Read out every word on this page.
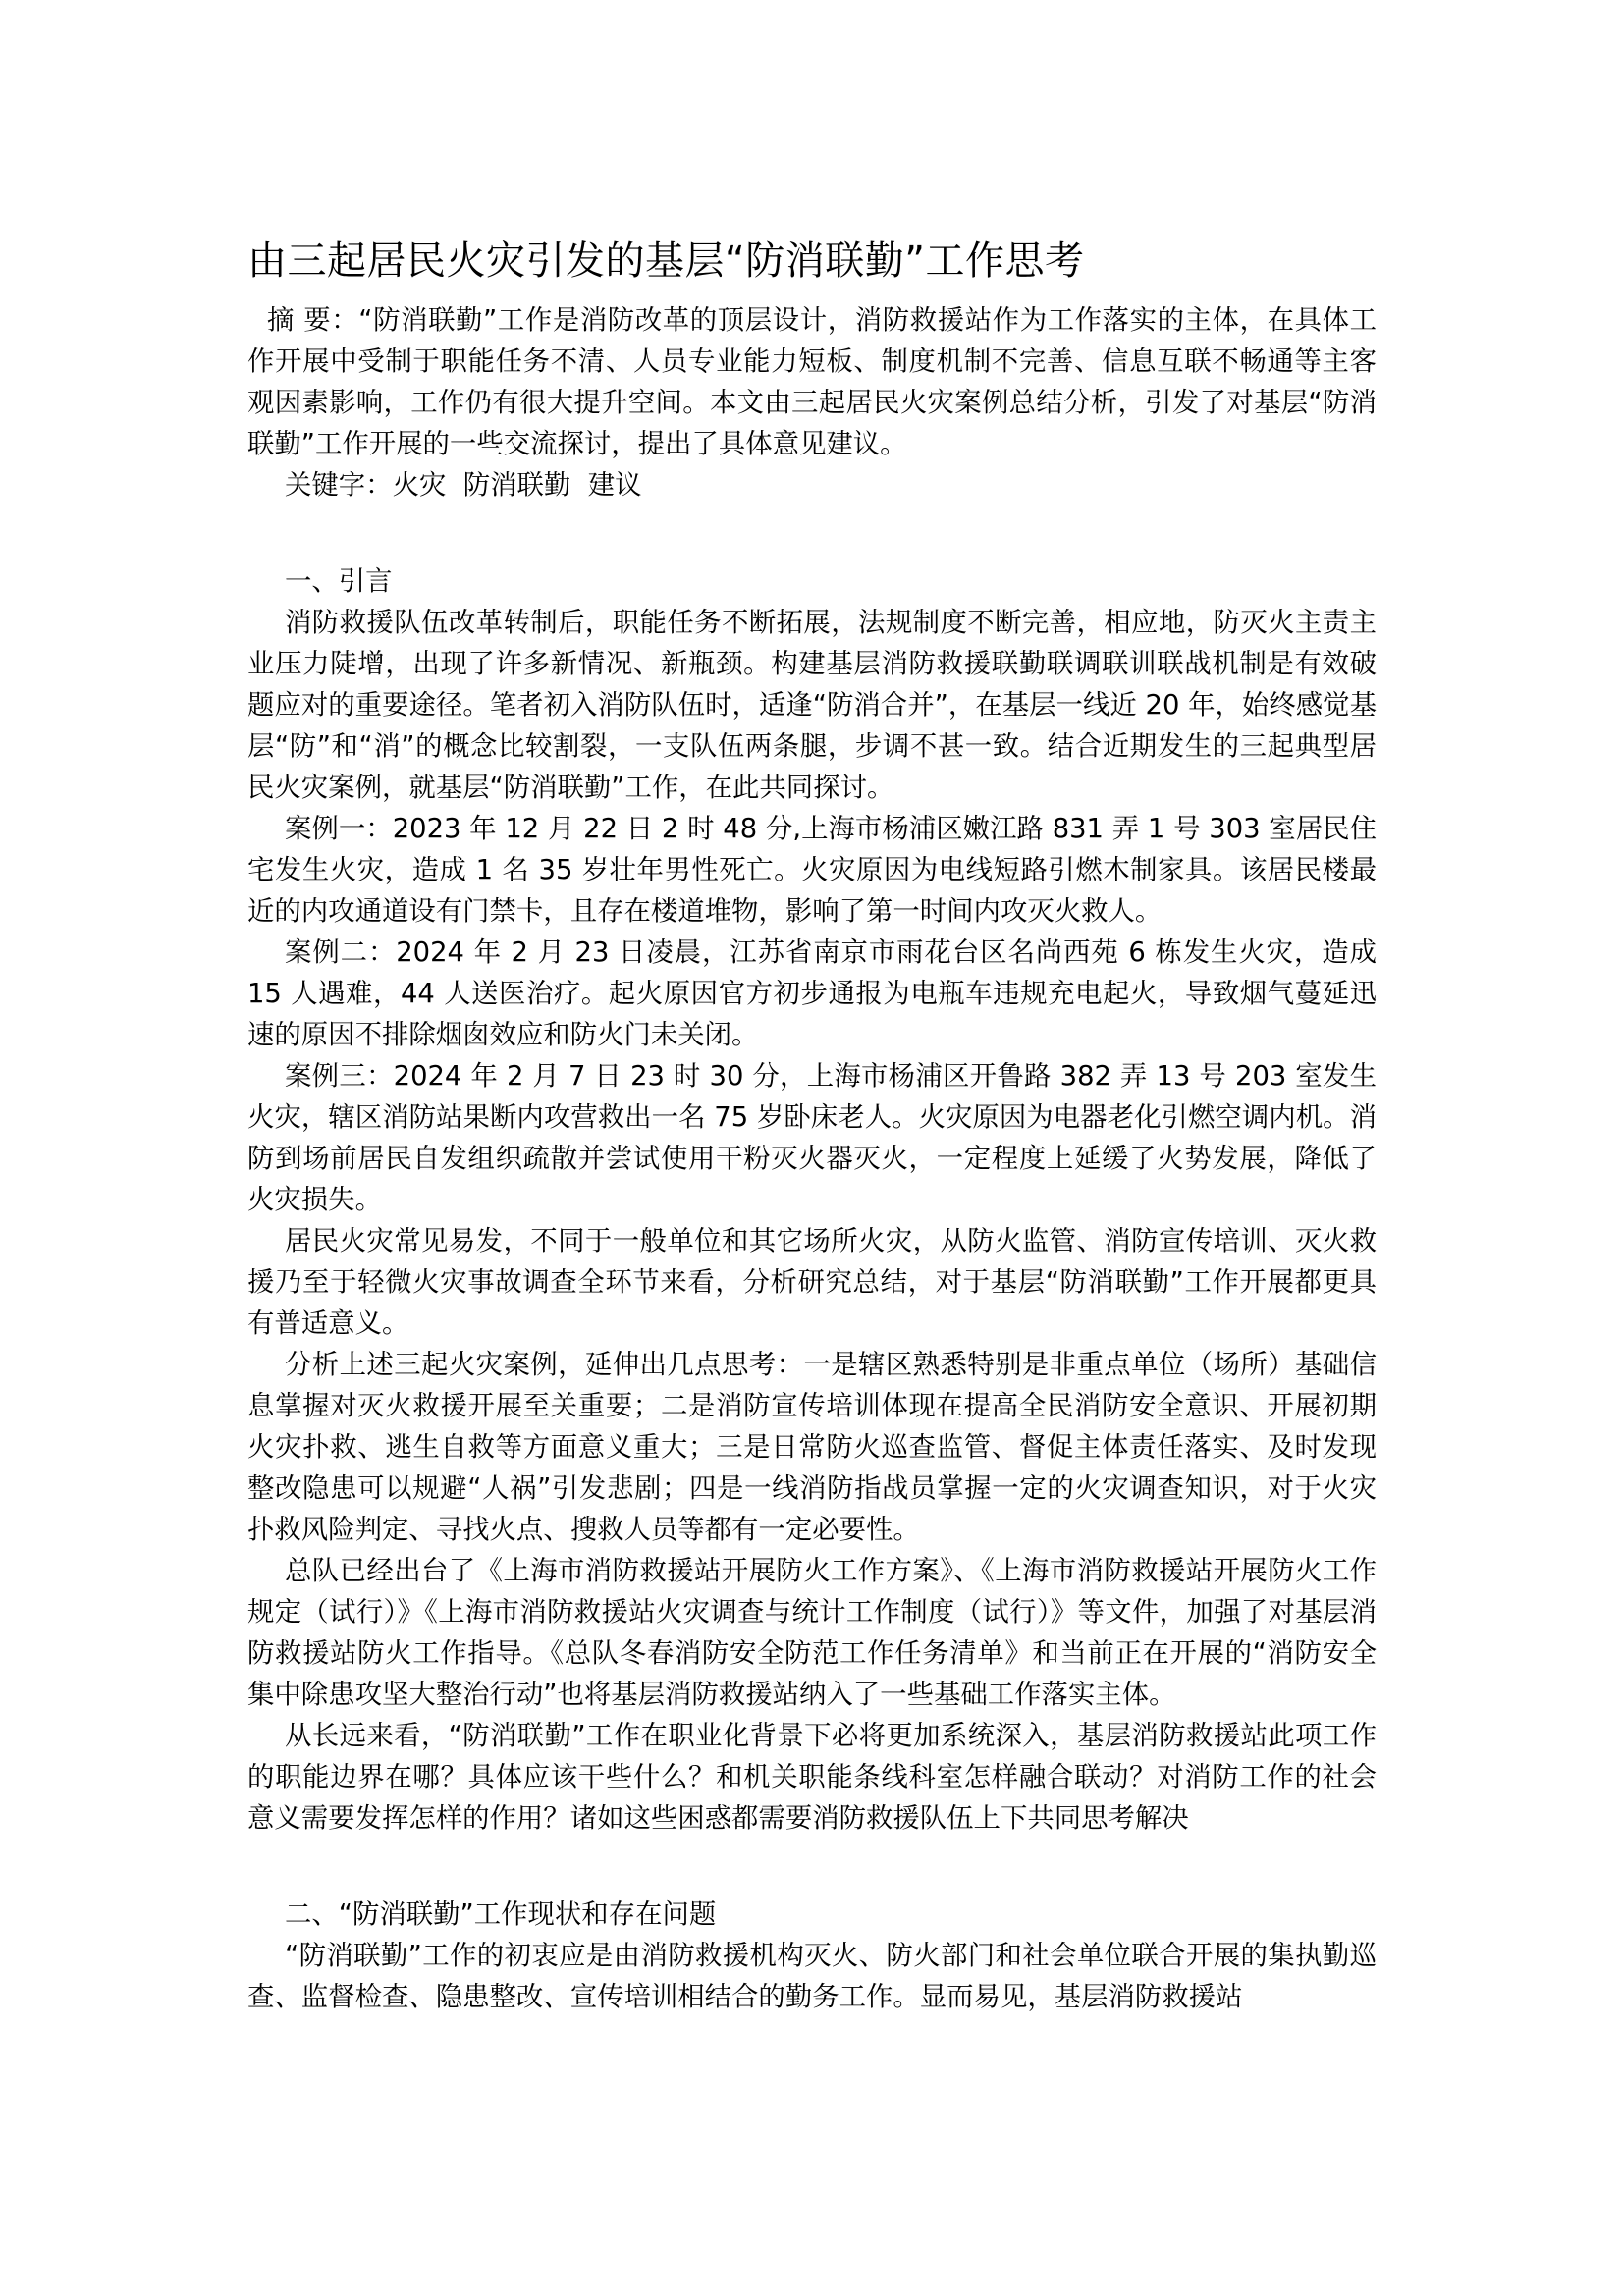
由三起居民火灾引发的基层“防消联勤”工作思考

摘 要：“防消联勤”工作是消防改革的顶层设计，消防救援站作为工作落实的主体，在具体工作开展中受制于职能任务不清、人员专业能力短板、制度机制不完善、信息互联不畅通等主客观因素影响，工作仍有很大提升空间。本文由三起居民火灾案例总结分析，引发了对基层“防消联勤”工作开展的一些交流探讨，提出了具体意见建议。

关键字：火灾  防消联勤  建议

一、引言

消防救援队伍改革转制后，职能任务不断拓展，法规制度不断完善，相应地，防灭火主责主业压力陡增，出现了许多新情况、新瓶颈。构建基层消防救援联勤联调联训联战机制是有效破题应对的重要途径。笔者初入消防队伍时，适逢“防消合并”，在基层一线近 20 年，始终感觉基层“防”和“消”的概念比较割裂，一支队伍两条腿，步调不甚一致。结合近期发生的三起典型居民火灾案例，就基层“防消联勤”工作，在此共同探讨。

案例一：2023 年 12 月 22 日 2 时 48 分,上海市杨浦区嫩江路 831 弄 1 号 303 室居民住宅发生火灾，造成 1 名 35 岁壮年男性死亡。火灾原因为电线短路引燃木制家具。该居民楼最近的内攻通道设有门禁卡，且存在楼道堆物，影响了第一时间内攻灭火救人。

案例二：2024 年 2 月 23 日凌晨，江苏省南京市雨花台区名尚西苑 6 栋发生火灾，造成 15 人遇难，44 人送医治疗。起火原因官方初步通报为电瓶车违规充电起火，导致烟气蔓延迅速的原因不排除烟囱效应和防火门未关闭。

案例三：2024 年 2 月 7 日 23 时 30 分，上海市杨浦区开鲁路 382 弄 13 号 203 室发生火灾，辖区消防站果断内攻营救出一名 75 岁卧床老人。火灾原因为电器老化引燃空调内机。消防到场前居民自发组织疏散并尝试使用干粉灭火器灭火，一定程度上延缓了火势发展，降低了火灾损失。

居民火灾常见易发，不同于一般单位和其它场所火灾，从防火监管、消防宣传培训、灭火救援乃至于轻微火灾事故调查全环节来看，分析研究总结，对于基层“防消联勤”工作开展都更具有普适意义。

分析上述三起火灾案例，延伸出几点思考：一是辖区熟悉特别是非重点单位（场所）基础信息掌握对灭火救援开展至关重要；二是消防宣传培训体现在提高全民消防安全意识、开展初期火灾扑救、逃生自救等方面意义重大；三是日常防火巡查监管、督促主体责任落实、及时发现整改隐患可以规避“人祸”引发悲剧；四是一线消防指战员掌握一定的火灾调查知识，对于火灾扑救风险判定、寻找火点、搜救人员等都有一定必要性。

总队已经出台了《上海市消防救援站开展防火工作方案》、《上海市消防救援站开展防火工作规定（试行）》《上海市消防救援站火灾调查与统计工作制度（试行）》等文件，加强了对基层消防救援站防火工作指导。《总队冬春消防安全防范工作任务清单》和当前正在开展的“消防安全集中除患攻坚大整治行动”也将基层消防救援站纳入了一些基础工作落实主体。

从长远来看，“防消联勤”工作在职业化背景下必将更加系统深入，基层消防救援站此项工作的职能边界在哪？具体应该干些什么？和机关职能条线科室怎样融合联动？对消防工作的社会意义需要发挥怎样的作用？诸如这些困惑都需要消防救援队伍上下共同思考解决

二、“防消联勤”工作现状和存在问题

“防消联勤”工作的初衷应是由消防救援机构灭火、防火部门和社会单位联合开展的集执勤巡查、监督检查、隐患整改、宣传培训相结合的勤务工作。显而易见，基层消防救援站
